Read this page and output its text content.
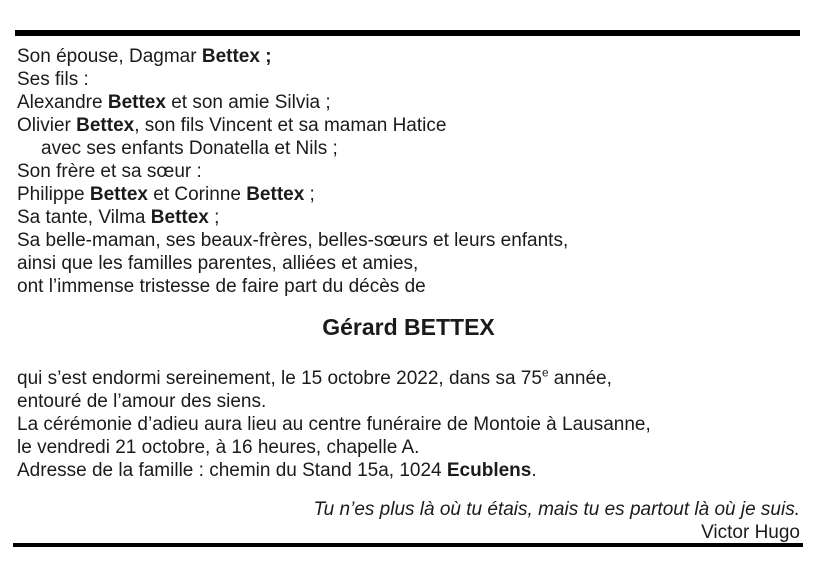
Son épouse, Dagmar Bettex ;
Ses fils :
Alexandre Bettex et son amie Silvia ;
Olivier Bettex, son fils Vincent et sa maman Hatice
avec ses enfants Donatella et Nils ;
Son frère et sa sœur :
Philippe Bettex et Corinne Bettex ;
Sa tante, Vilma Bettex ;
Sa belle-maman, ses beaux-frères, belles-sœurs et leurs enfants,
ainsi que les familles parentes, alliées et amies,
ont l’immense tristesse de faire part du décès de
Gérard BETTEX
qui s’est endormi sereinement, le 15 octobre 2022, dans sa 75e année,
entouré de l’amour des siens.
La cérémonie d’adieu aura lieu au centre funéraire de Montoie à Lausanne,
le vendredi 21 octobre, à 16 heures, chapelle A.
Adresse de la famille : chemin du Stand 15a, 1024 Ecublens.
Tu n’es plus là où tu étais, mais tu es partout là où je suis.
Victor Hugo
